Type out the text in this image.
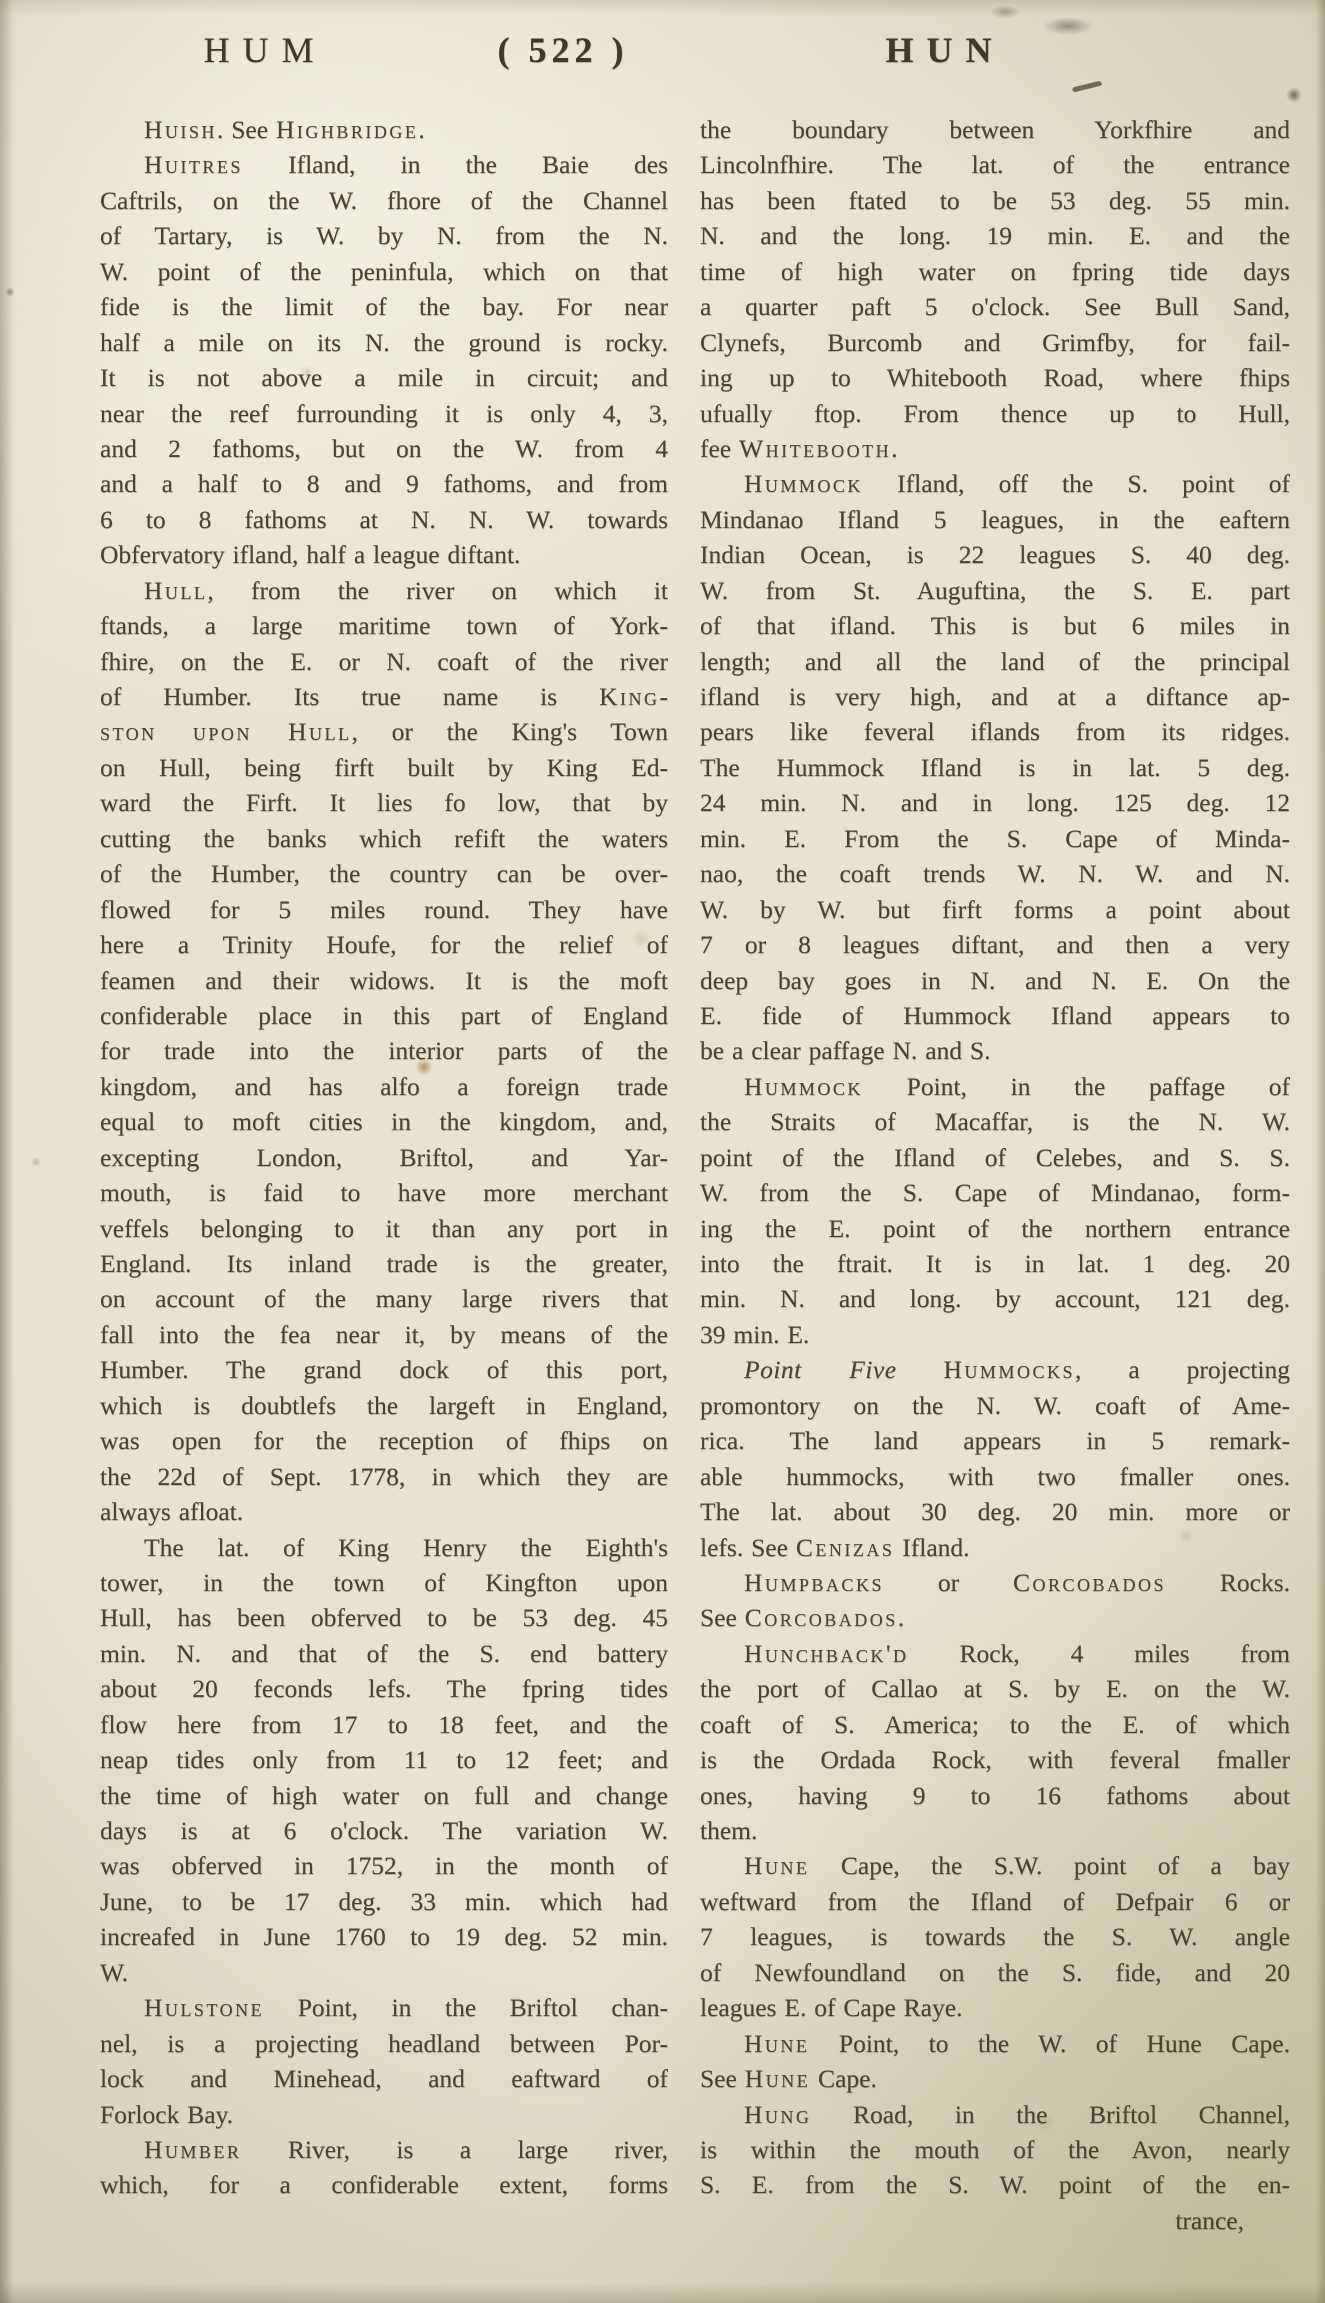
HUM	( 522 )	HUN
Huish. See Highbridge.
Huitres Ifland, in the Baie des
Caftrils, on the W. fhore of the Channel
of Tartary, is W. by N. from the N.
W. point of the peninfula, which on that
fide is the limit of the bay. For near
half a mile on its N. the ground is rocky.
It is not above a mile in circuit; and
near the reef furrounding it is only 4, 3,
and 2 fathoms, but on the W. from 4
and a half to 8 and 9 fathoms, and from
6 to 8 fathoms at N. N. W. towards
Obfervatory ifland, half a league diftant.
Hull, from the river on which it
ftands, a large maritime town of York-
fhire, on the E. or N. coaft of the river
of Humber. Its true name is King-
ston upon Hull, or the King's Town
on Hull, being firft built by King Ed-
ward the Firft. It lies fo low, that by
cutting the banks which refift the waters
of the Humber, the country can be over-
flowed for 5 miles round. They have
here a Trinity Houfe, for the relief of
feamen and their widows. It is the moft
confiderable place in this part of England
for trade into the interior parts of the
kingdom, and has alfo a foreign trade
equal to moft cities in the kingdom, and,
excepting London, Briftol, and Yar-
mouth, is faid to have more merchant
veffels belonging to it than any port in
England. Its inland trade is the greater,
on account of the many large rivers that
fall into the fea near it, by means of the
Humber. The grand dock of this port,
which is doubtlefs the largeft in England,
was open for the reception of fhips on
the 22d of Sept. 1778, in which they are
always afloat.
The lat. of King Henry the Eighth's
tower, in the town of Kingfton upon
Hull, has been obferved to be 53 deg. 45
min. N. and that of the S. end battery
about 20 feconds lefs. The fpring tides
flow here from 17 to 18 feet, and the
neap tides only from 11 to 12 feet; and
the time of high water on full and change
days is at 6 o'clock. The variation W.
was obferved in 1752, in the month of
June, to be 17 deg. 33 min. which had
increafed in June 1760 to 19 deg. 52 min.
W.
Hulstone Point, in the Briftol chan-
nel, is a projecting headland between Por-
lock and Minehead, and eaftward of
Forlock Bay.
Humber River, is a large river,
which, for a confiderable extent, forms
the boundary between Yorkfhire and
Lincolnfhire. The lat. of the entrance
has been ftated to be 53 deg. 55 min.
N. and the long. 19 min. E. and the
time of high water on fpring tide days
a quarter paft 5 o'clock. See Bull Sand,
Clynefs, Burcomb and Grimfby, for fail-
ing up to Whitebooth Road, where fhips
ufually ftop. From thence up to Hull,
fee Whitebooth.
Hummock Ifland, off the S. point of
Mindanao Ifland 5 leagues, in the eaftern
Indian Ocean, is 22 leagues S. 40 deg.
W. from St. Auguftina, the S. E. part
of that ifland. This is but 6 miles in
length; and all the land of the principal
ifland is very high, and at a diftance ap-
pears like feveral iflands from its ridges.
The Hummock Ifland is in lat. 5 deg.
24 min. N. and in long. 125 deg. 12
min. E. From the S. Cape of Minda-
nao, the coaft trends W. N. W. and N.
W. by W. but firft forms a point about
7 or 8 leagues diftant, and then a very
deep bay goes in N. and N. E. On the
E. fide of Hummock Ifland appears to
be a clear paffage N. and S.
Hummock Point, in the paffage of
the Straits of Macaffar, is the N. W.
point of the Ifland of Celebes, and S. S.
W. from the S. Cape of Mindanao, form-
ing the E. point of the northern entrance
into the ftrait. It is in lat. 1 deg. 20
min. N. and long. by account, 121 deg.
39 min. E.
Point Five Hummocks, a projecting
promontory on the N. W. coaft of Ame-
rica. The land appears in 5 remark-
able hummocks, with two fmaller ones.
The lat. about 30 deg. 20 min. more or
lefs. See Cenizas Ifland.
Humpbacks or Corcobados Rocks.
See Corcobados.
Hunchback'd Rock, 4 miles from
the port of Callao at S. by E. on the W.
coaft of S. America; to the E. of which
is the Ordada Rock, with feveral fmaller
ones, having 9 to 16 fathoms about
them.
Hune Cape, the S.W. point of a bay
weftward from the Ifland of Defpair 6 or
7 leagues, is towards the S. W. angle
of Newfoundland on the S. fide, and 20
leagues E. of Cape Raye.
Hune Point, to the W. of Hune Cape.
See Hune Cape.
Hung Road, in the Briftol Channel,
is within the mouth of the Avon, nearly
S. E. from the S. W. point of the en-
trance,
